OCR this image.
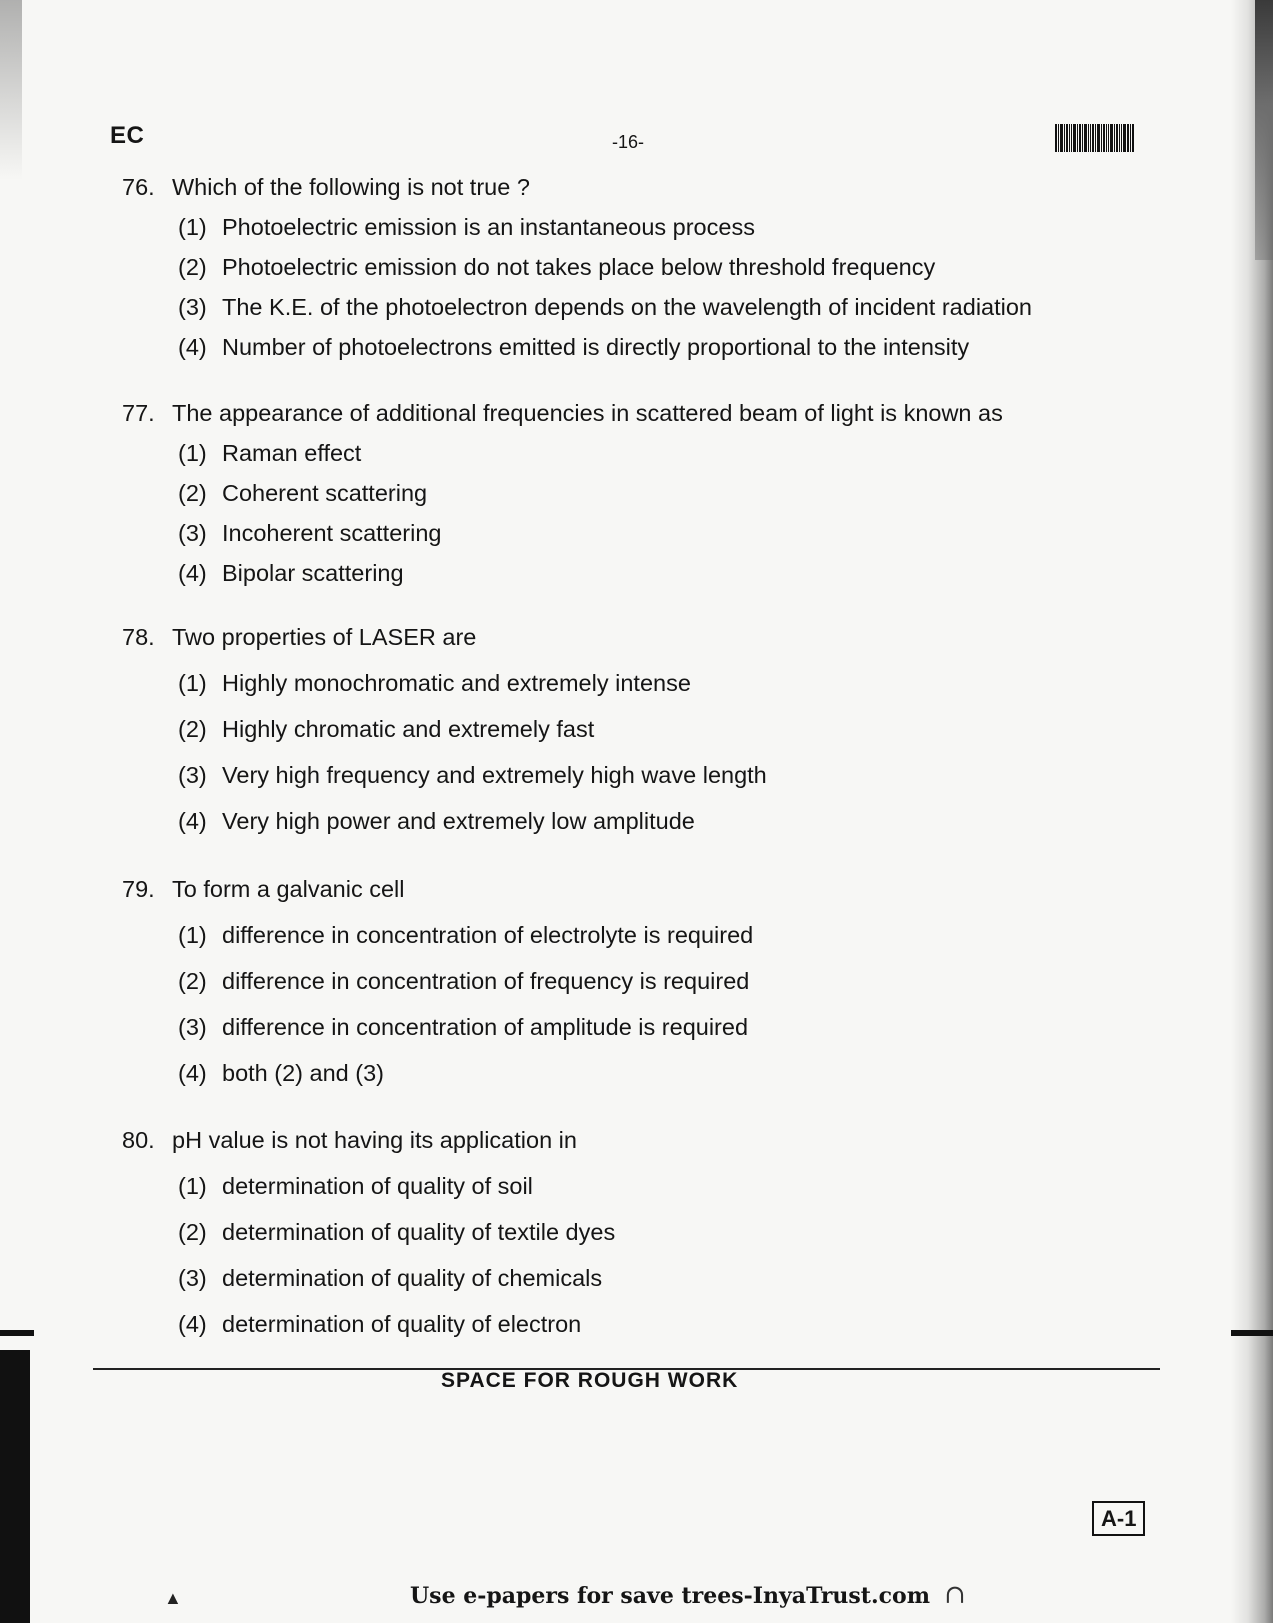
EC	-16-
76. Which of the following is not true ?
(1) Photoelectric emission is an instantaneous process
(2) Photoelectric emission do not takes place below threshold frequency
(3) The K.E. of the photoelectron depends on the wavelength of incident radiation
(4) Number of photoelectrons emitted is directly proportional to the intensity
77. The appearance of additional frequencies in scattered beam of light is known as
(1) Raman effect
(2) Coherent scattering
(3) Incoherent scattering
(4) Bipolar scattering
78. Two properties of LASER are
(1) Highly monochromatic and extremely intense
(2) Highly chromatic and extremely fast
(3) Very high frequency and extremely high wave length
(4) Very high power and extremely low amplitude
79. To form a galvanic cell
(1) difference in concentration of electrolyte is required
(2) difference in concentration of frequency is required
(3) difference in concentration of amplitude is required
(4) both (2) and (3)
80. pH value is not having its application in
(1) determination of quality of soil
(2) determination of quality of textile dyes
(3) determination of quality of chemicals
(4) determination of quality of electron
SPACE FOR ROUGH WORK
A-1
▲	Use e-papers for save trees-InyaTrust.com ∩
